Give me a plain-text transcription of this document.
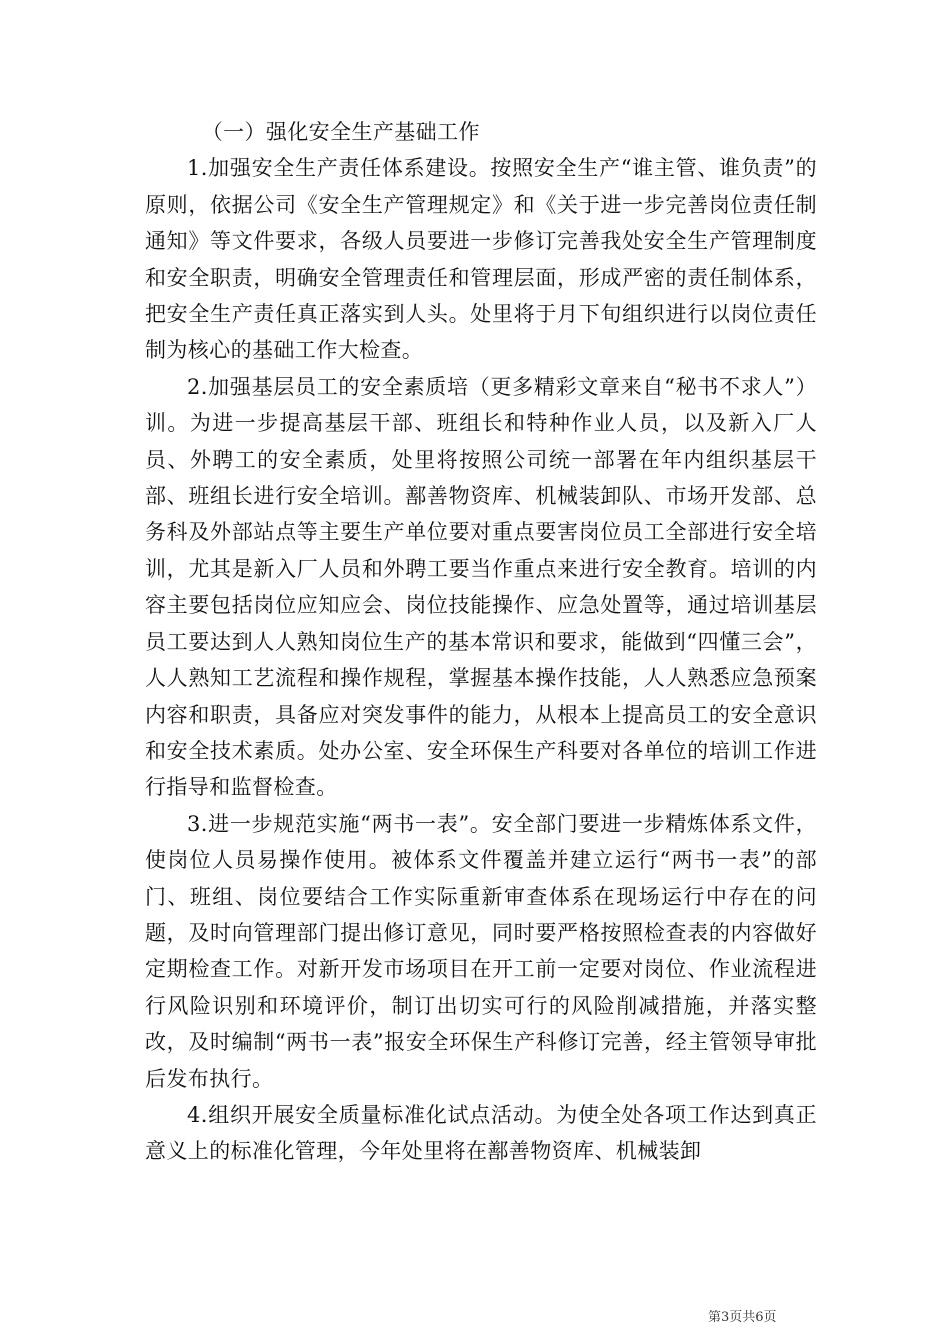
（一）强化安全生产基础工作

1.加强安全生产责任体系建设。按照安全生产“谁主管、谁负责”的原则，依据公司《安全生产管理规定》和《关于进一步完善岗位责任制通知》等文件要求，各级人员要进一步修订完善我处安全生产管理制度和安全职责，明确安全管理责任和管理层面，形成严密的责任制体系，把安全生产责任真正落实到人头。处里将于月下旬组织进行以岗位责任制为核心的基础工作大检查。

2.加强基层员工的安全素质培（更多精彩文章来自“秘书不求人”）训。为进一步提高基层干部、班组长和特种作业人员，以及新入厂人员、外聘工的安全素质，处里将按照公司统一部署在年内组织基层干部、班组长进行安全培训。鄯善物资库、机械装卸队、市场开发部、总务科及外部站点等主要生产单位要对重点要害岗位员工全部进行安全培训，尤其是新入厂人员和外聘工要当作重点来进行安全教育。培训的内容主要包括岗位应知应会、岗位技能操作、应急处置等，通过培训基层员工要达到人人熟知岗位生产的基本常识和要求，能做到“四懂三会”，人人熟知工艺流程和操作规程，掌握基本操作技能，人人熟悉应急预案内容和职责，具备应对突发事件的能力，从根本上提高员工的安全意识和安全技术素质。处办公室、安全环保生产科要对各单位的培训工作进行指导和监督检查。

3.进一步规范实施“两书一表”。安全部门要进一步精炼体系文件，使岗位人员易操作使用。被体系文件覆盖并建立运行“两书一表”的部门、班组、岗位要结合工作实际重新审查体系在现场运行中存在的问题，及时向管理部门提出修订意见，同时要严格按照检查表的内容做好定期检查工作。对新开发市场项目在开工前一定要对岗位、作业流程进行风险识别和环境评价，制订出切实可行的风险削减措施，并落实整改，及时编制“两书一表”报安全环保生产科修订完善，经主管领导审批后发布执行。

4.组织开展安全质量标准化试点活动。为使全处各项工作达到真正意义上的标准化管理，今年处里将在鄯善物资库、机械装卸

第3页共6页
